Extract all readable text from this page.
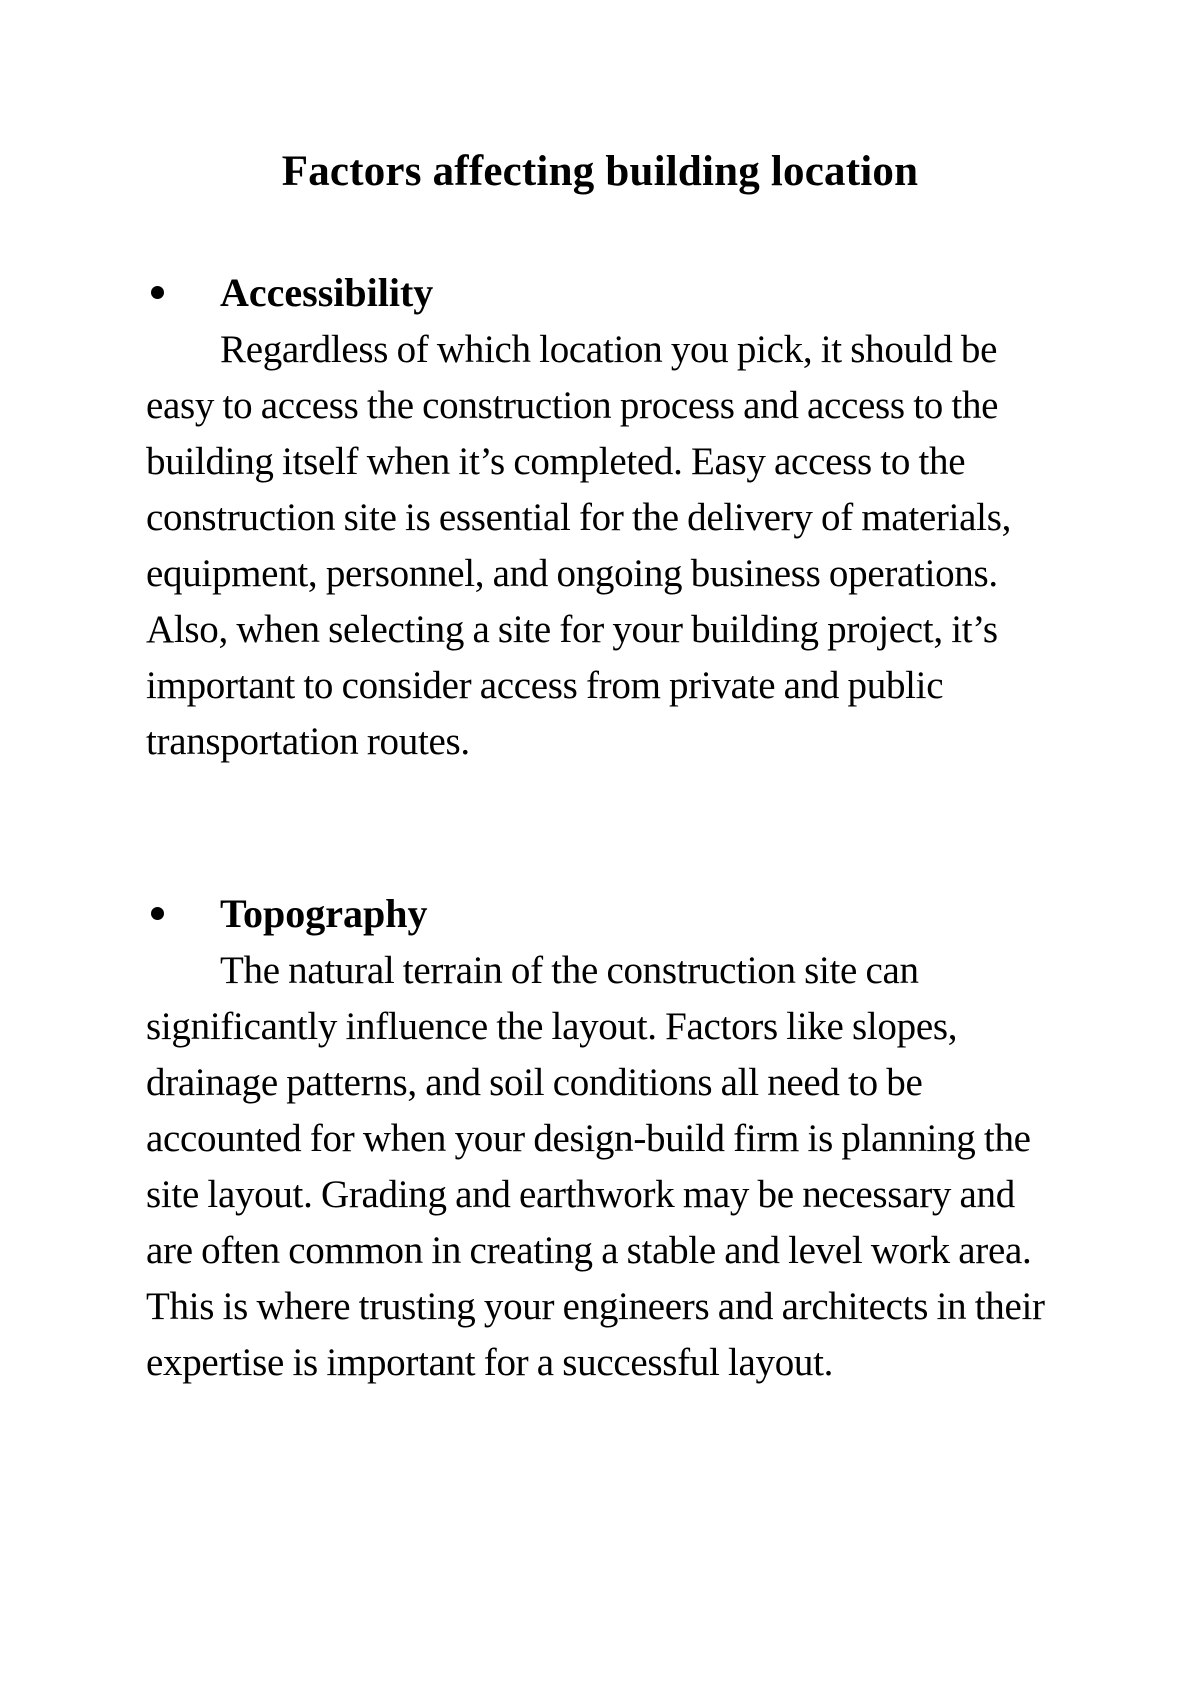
Factors affecting building location
Accessibility

Regardless of which location you pick, it should be easy to access the construction process and access to the building itself when it’s completed. Easy access to the construction site is essential for the delivery of materials, equipment, personnel, and ongoing business operations. Also, when selecting a site for your building project, it’s important to consider access from private and public transportation routes.

Topography

The natural terrain of the construction site can significantly influence the layout. Factors like slopes, drainage patterns, and soil conditions all need to be accounted for when your design-build firm is planning the site layout. Grading and earthwork may be necessary and are often common in creating a stable and level work area. This is where trusting your engineers and architects in their expertise is important for a successful layout.
